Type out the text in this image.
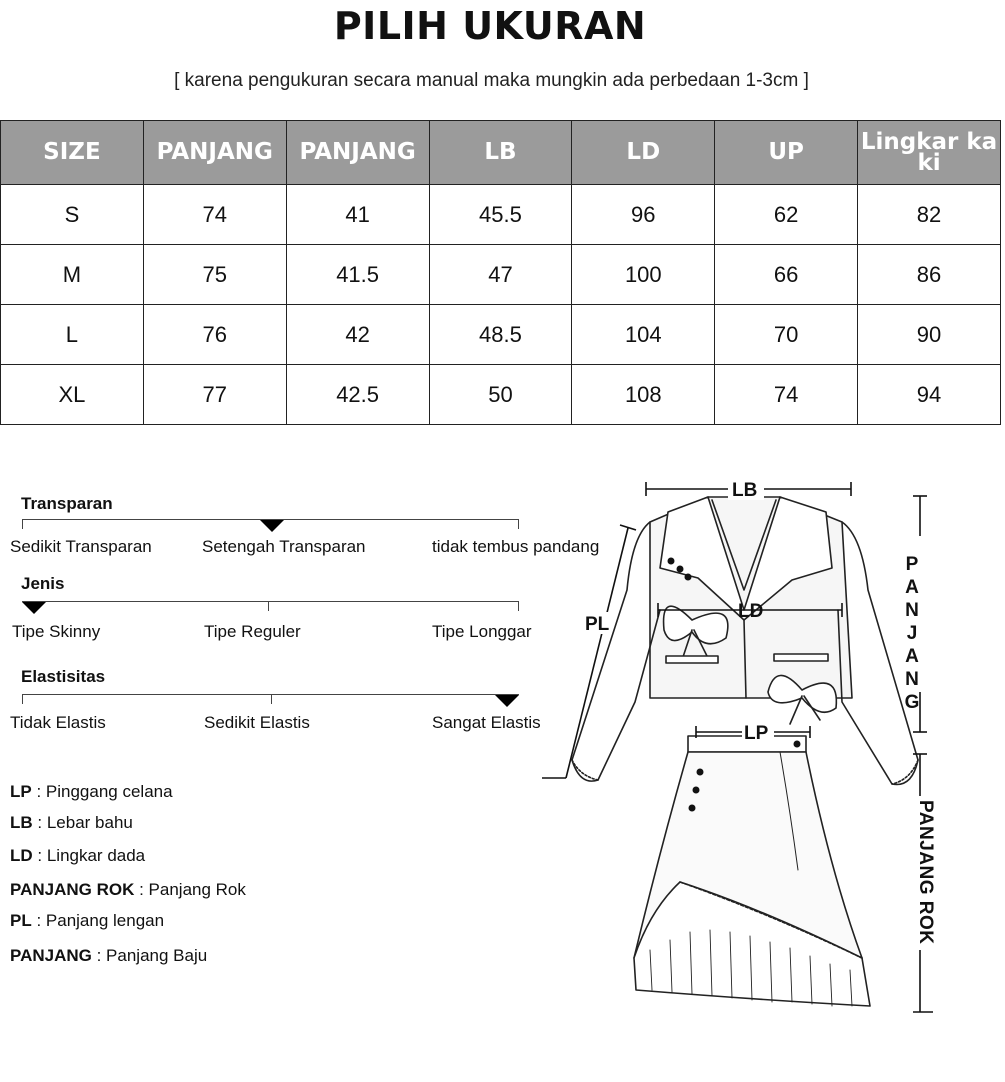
PILIH UKURAN
[ karena pengukuran secara manual maka mungkin ada perbedaan 1-3cm ]
SIZE	PANJANG	PANJANG	LB	LD	UP	Lingkar ka ki
S	74	41	45.5	96	62	82
M	75	41.5	47	100	66	86
L	76	42	48.5	104	70	90
XL	77	42.5	50	108	74	94
Transparan
Sedikit Transparan	Setengah Transparan	tidak tembus pandang
Jenis
Tipe Skinny	Tipe Reguler	Tipe Longgar
Elastisitas
Tidak Elastis	Sedikit Elastis	Sangat Elastis
LP : Pinggang celana
LB : Lebar bahu
LD : Lingkar dada
PANJANG ROK : Panjang Rok
PL : Panjang lengan
PANJANG : Panjang Baju
LB
LD
PL
LP
PANJANG
PANJANG ROK
